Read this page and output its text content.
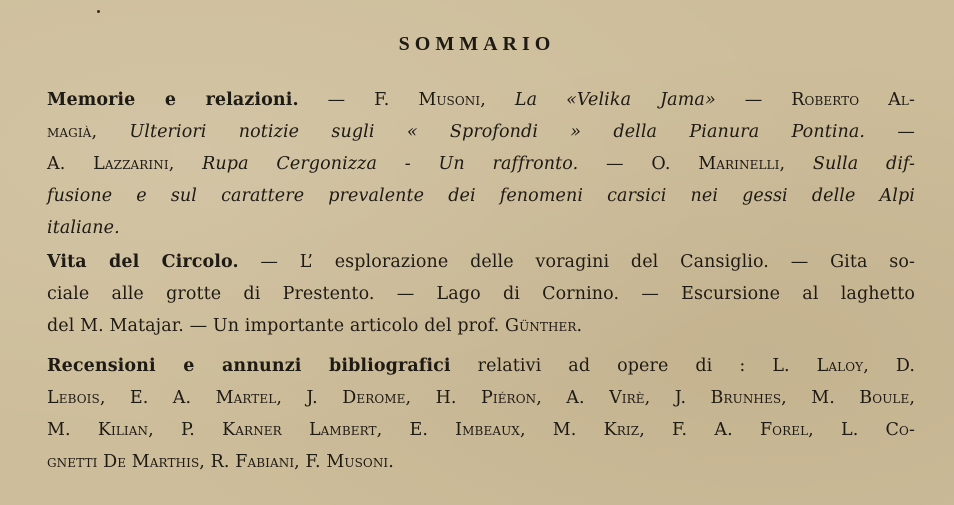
SOMMARIO
Memorie e relazioni. — F. Musoni, La «Velika Jama» — Roberto Al-
magià, Ulteriori notizie sugli « Sprofondi » della Pianura Pontina. —
A. Lazzarini, Rupa Cergonizza - Un raffronto. — O. Marinelli, Sulla dif-
fusione e sul carattere prevalente dei fenomeni carsici nei gessi delle Alpi
italiane.
Vita del Circolo. — L’ esplorazione delle voragini del Cansiglio. — Gita so-
ciale alle grotte di Prestento. — Lago di Cornino. — Escursione al laghetto
del M. Matajar. — Un importante articolo del prof. Günther.
Recensioni e annunzi bibliografici relativi ad opere di : L. Laloy, D.
Lebois, E. A. Martel, J. Derome, H. Piéron, A. Virè, J. Brunhes, M. Boule,
M. Kilian, P. Karner Lambert, E. Imbeaux, M. Kriz, F. A. Forel, L. Co-
gnetti De Marthis, R. Fabiani, F. Musoni.
